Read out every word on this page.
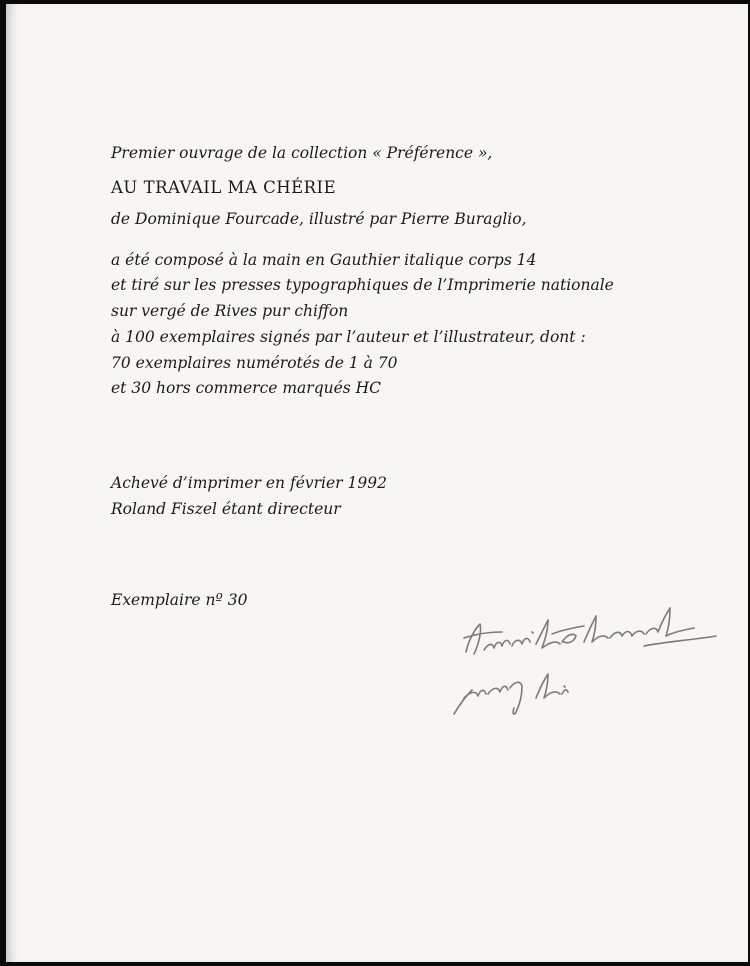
Premier ouvrage de la collection « Préférence »,
AU TRAVAIL MA CHÉRIE
de Dominique Fourcade, illustré par Pierre Buraglio,
a été composé à la main en Gauthier italique corps 14
et tiré sur les presses typographiques de l’Imprimerie nationale
sur vergé de Rives pur chiffon
à 100 exemplaires signés par l’auteur et l’illustrateur, dont :
70 exemplaires numérotés de 1 à 70
et 30 hors commerce marqués HC
Achevé d’imprimer en février 1992
Roland Fiszel étant directeur
Exemplaire nº 30
